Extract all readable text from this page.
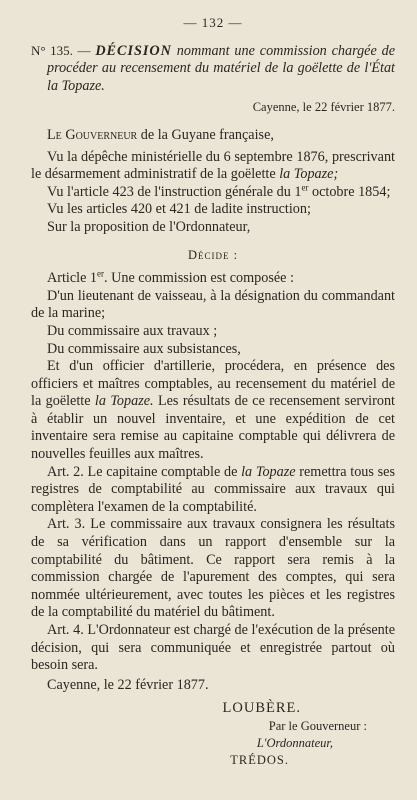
— 132 —

N° 135. — DÉCISION nommant une commission chargée de procéder au recensement du matériel de la goëlette de l'État la Topaze.

Cayenne, le 22 février 1877.

Le Gouverneur de la Guyane française,

Vu la dépêche ministérielle du 6 septembre 1876, prescrivant le désarmement administratif de la goëlette la Topaze;

Vu l'article 423 de l'instruction générale du 1er octobre 1854;

Vu les articles 420 et 421 de ladite instruction;

Sur la proposition de l'Ordonnateur,

Décide :

Article 1er. Une commission est composée :

D'un lieutenant de vaisseau, à la désignation du commandant de la marine;

Du commissaire aux travaux ;

Du commissaire aux subsistances,

Et d'un officier d'artillerie, procédera, en présence des officiers et maîtres comptables, au recensement du matériel de la goëlette la Topaze. Les résultats de ce recensement serviront à établir un nouvel inventaire, et une expédition de cet inventaire sera remise au capitaine comptable qui délivrera de nouvelles feuilles aux maîtres.

Art. 2. Le capitaine comptable de la Topaze remettra tous ses registres de comptabilité au commissaire aux travaux qui complètera l'examen de la comptabilité.

Art. 3. Le commissaire aux travaux consignera les résultats de sa vérification dans un rapport d'ensemble sur la comptabilité du bâtiment. Ce rapport sera remis à la commission chargée de l'apurement des comptes, qui sera nommée ultérieurement, avec toutes les pièces et les registres de la comptabilité du matériel du bâtiment.

Art. 4. L'Ordonnateur est chargé de l'exécution de la présente décision, qui sera communiquée et enregistrée partout où besoin sera.

Cayenne, le 22 février 1877.

LOUBÈRE.
Par le Gouverneur :
L'Ordonnateur,
TRÉDOS.
